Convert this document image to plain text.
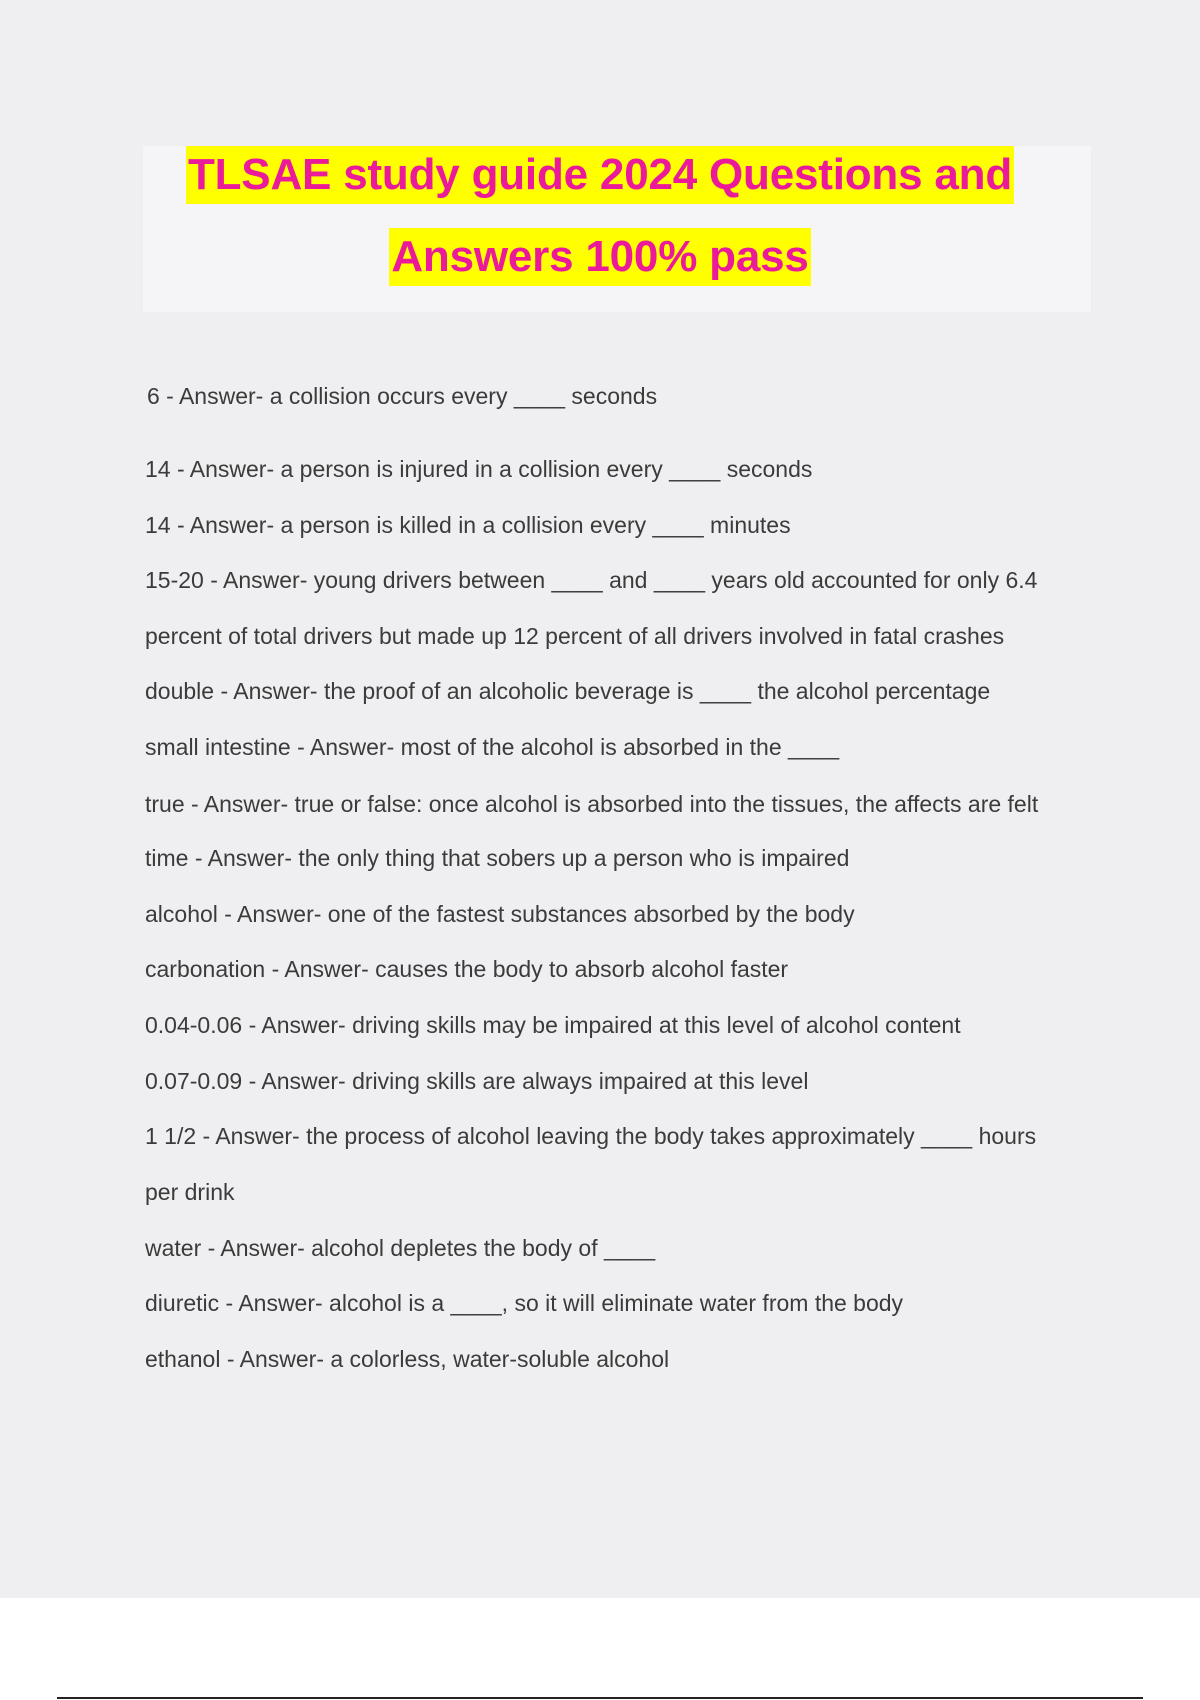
TLSAE study guide 2024 Questions and
Answers 100% pass
6 - Answer- a collision occurs every ____ seconds
14 - Answer- a person is injured in a collision every ____ seconds
14 - Answer- a person is killed in a collision every ____ minutes
15-20 - Answer- young drivers between ____ and ____ years old accounted for only 6.4
percent of total drivers but made up 12 percent of all drivers involved in fatal crashes
double - Answer- the proof of an alcoholic beverage is ____ the alcohol percentage
small intestine - Answer- most of the alcohol is absorbed in the ____
true - Answer- true or false: once alcohol is absorbed into the tissues, the affects are felt
time - Answer- the only thing that sobers up a person who is impaired
alcohol - Answer- one of the fastest substances absorbed by the body
carbonation - Answer- causes the body to absorb alcohol faster
0.04-0.06 - Answer- driving skills may be impaired at this level of alcohol content
0.07-0.09 - Answer- driving skills are always impaired at this level
1 1/2 - Answer- the process of alcohol leaving the body takes approximately ____ hours
per drink
water - Answer- alcohol depletes the body of ____
diuretic - Answer- alcohol is a ____, so it will eliminate water from the body
ethanol - Answer- a colorless, water-soluble alcohol
